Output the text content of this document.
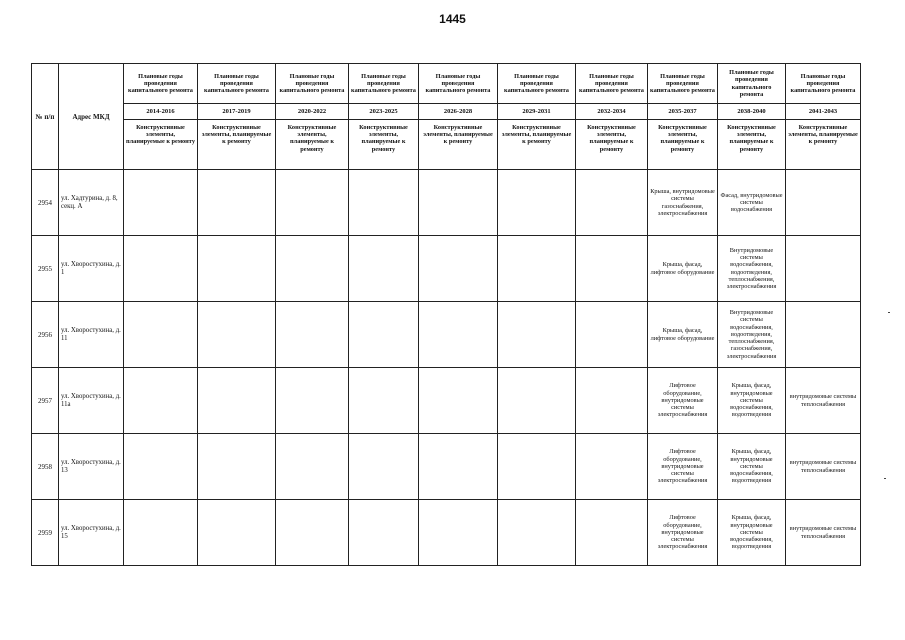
1445
№ п/п	Адрес МКД	Плановые годы проведения капитального ремонта	Плановые годы проведения капитального ремонта	Плановые годы проведения капитального ремонта	Плановые годы проведения капитального ремонта	Плановые годы проведения капитального ремонта	Плановые годы проведения капитального ремонта	Плановые годы проведения капитального ремонта	Плановые годы проведения капитального ремонта	Плановые годы проведения капитального ремонта	Плановые годы проведения капитального ремонта
		2014-2016	2017-2019	2020-2022	2023-2025	2026-2028	2029-2031	2032-2034	2035-2037	2038-2040	2041-2043
		Конструктивные элементы, планируемые к ремонту	Конструктивные элементы, планируемые к ремонту	Конструктивные элементы, планируемые к ремонту	Конструктивные элементы, планируемые к ремонту	Конструктивные элементы, планируемые к ремонту	Конструктивные элементы, планируемые к ремонту	Конструктивные элементы, планируемые к ремонту	Конструктивные элементы, планируемые к ремонту	Конструктивные элементы, планируемые к ремонту	Конструктивные элементы, планируемые к ремонту
2954	ул. Хадтурина, д. 8, секц. А								Крыша, внутридомовые системы газоснабжения, электроснабжения	Фасад, внутридомовые системы водоснабжения	
2955	ул. Хворостухина, д. 1								Крыша, фасад, лифтовое оборудование	Внутридомовые системы водоснабжения, водоотведения, теплоснабжения, электроснабжения	
2956	ул. Хворостухина, д. 11								Крыша, фасад, лифтовое оборудование	Внутридомовые системы водоснабжения, водоотведения, теплоснабжения, газоснабжения, электроснабжения	
2957	ул. Хворостухина, д. 11а								Лифтовое оборудование, внутридомовые системы электроснабжения	Крыша, фасад, внутридомовые системы водоснабжения, водоотведения	внутридомовые системы теплоснабжения
2958	ул. Хворостухина, д. 13								Лифтовое оборудование, внутридомовые системы электроснабжения	Крыша, фасад, внутридомовые системы водоснабжения, водоотведения	внутридомовые системы теплоснабжения
2959	ул. Хворостухина, д. 15								Лифтовое оборудование, внутридомовые системы электроснабжения	Крыша, фасад, внутридомовые системы водоснабжения, водоотведения	внутридомовые системы теплоснабжения
